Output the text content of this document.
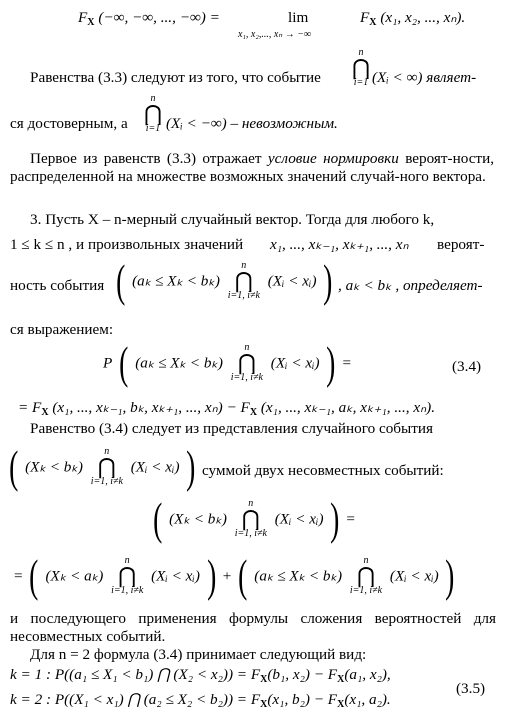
$F_X$ (−∞, −∞, ..., −∞) =	lim
x₁, x₂,..., xₙ → −∞
$F_X$ (x₁, x₂, ..., xₙ).
Равенства (3.3) следуют из того, что событие
n
⋂
i=1 (Xᵢ < ∞) являет-
ся достоверным, а
n
⋂
i=1 (Xᵢ < −∞) – невозможным.
Первое из равенств (3.3) отражает условие нормировки вероят-ности, распределенной на множестве возможных значений случай-ного вектора.
3. Пусть X – n-мерный случайный вектор. Тогда для любого k,
1 ≤ k ≤ n , и произвольных значений x₁, ..., xₖ₋₁, xₖ₊₁, ..., xₙ вероят-
ность события ( (aₖ ≤ Xₖ < bₖ)
n
⋂
i=1, i≠k
(Xᵢ < xᵢ) ) , aₖ < bₖ , определяет-
ся выражением:
P ( (aₖ ≤ Xₖ < bₖ)
n
⋂
i=1, i≠k
(Xᵢ < xᵢ) ) =	(3.4)
= $F_X$ (x₁, ..., xₖ₋₁, bₖ, xₖ₊₁, ..., $x_n) - F_X$ (x₁, ..., xₖ₋₁, aₖ, xₖ₊₁, ..., xₙ).
Равенство (3.4) следует из представления случайного события
( (Xₖ < bₖ)
n
⋂
i=1, i≠k
(Xᵢ < xᵢ) ) суммой двух несовместных событий:
( (Xₖ < bₖ)
n
⋂
i=1, i≠k
(Xᵢ < xᵢ) ) =
= ( (Xₖ < aₖ)
n
⋂
i=1, i≠k
(Xᵢ < xᵢ) ) + ( (aₖ ≤ Xₖ < bₖ)
n
⋂
i=1, i≠k
(Xᵢ < xᵢ) )
и последующего применения формулы сложения вероятностей для несовместных событий.
Для n = 2 формула (3.4) принимает следующий вид:
k = 1 : P((a₁ ≤ X₁ < b₁) ⋂ $(X_2 < x_2)) = F_X(b_1$, $x_2) - F_X(a_1$, x₂),
k = 2 : P((X₁ < x₁) ⋂ $(a_2 \le X_2 < b_2)) = F_X(x_1$, $b_2) - F_X(x_1$, a₂).
(3.5)
